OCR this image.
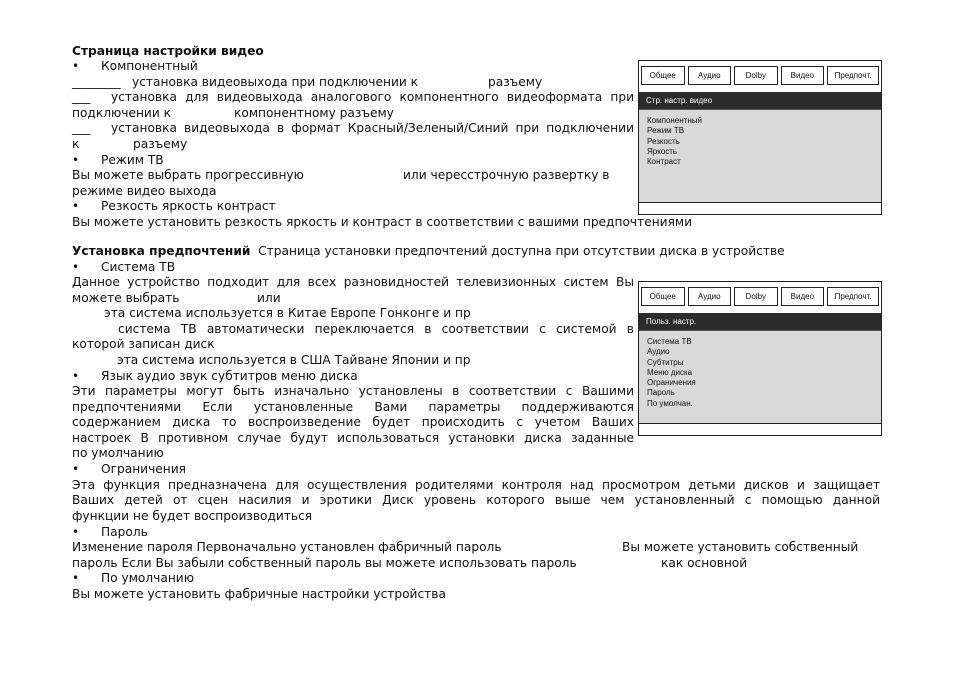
Страница настройки видео
• Компонентный
________ установка видеовыхода при подключении к	разъему
___ установка для видеовыхода аналогового компонентного видеоформата при
подключении к	компонентному разъему
___ установка видеовыхода в формат Красный/Зеленый/Синий при подключении
к	разъему
• Режим ТВ
Вы можете выбрать прогрессивную	или чересстрочную развертку в
режиме видео выхода
• Резкость яркость контраст
Вы можете установить резкость яркость и контраст в соответствии с вашими предпочтениями
Общее	Аудио	Dolby	Видео	Предпочт.
Стр. настр. видео
Компонентный
Режим ТВ
Резкость
Яркость
Контраст
Установка предпочтений Страница установки предпочтений доступна при отсутствии диска в устройстве
• Система ТВ
Данное устройство подходит для всех разновидностей телевизионных систем Вы
можете выбрать	или
эта система используется в Китае Европе Гонконге и пр
система ТВ автоматически переключается в соответствии с системой в
которой записан диск
эта система используется в США Тайване Японии и пр
• Язык аудио звук субтитров меню диска
Эти параметры могут быть изначально установлены в соответствии с Вашими
предпочтениями Если установленные Вами параметры поддерживаются
содержанием диска то воспроизведение будет происходить с учетом Ваших
настроек В противном случае будут использоваться установки диска заданные
по умолчанию
• Ограничения
Эта функция предназначена для осуществления родителями контроля над просмотром детьми дисков и защищает
Ваших детей от сцен насилия и эротики Диск уровень которого выше чем установленный с помощью данной
функции не будет воспроизводиться
• Пароль
Изменение пароля Первоначально установлен фабричный пароль	Вы можете установить собственный
пароль Если Вы забыли собственный пароль вы можете использовать пароль	как основной
• По умолчанию
Вы можете установить фабричные настройки устройства
Общее	Аудио	Dolby	Видео	Предпочт.
Польз. настр.
Система ТВ
Аудио
Субтитры
Меню диска
Ограничения
Пароль
По умолчан.
